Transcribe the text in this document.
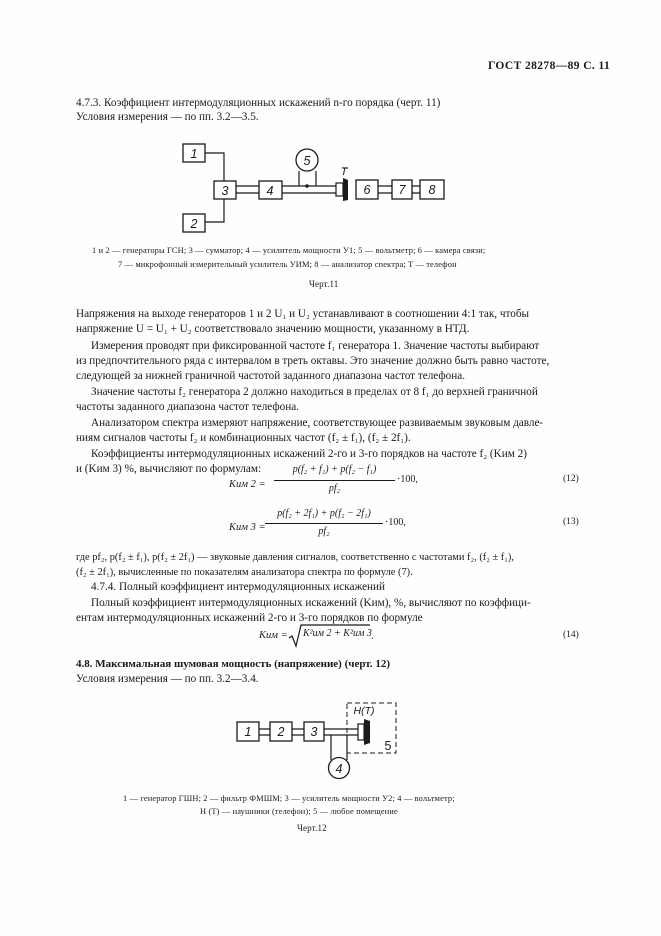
ГОСТ 28278—89 С. 11
4.7.3. Коэффициент интермодуляционных искажений n-го порядка (черт. 11)
Условия измерения — по пп. 3.2—3.5.
1
2
3	4
5
6 7 8
T
1 2 3
4
5
H(T)
1 и 2 — генераторы ГСН; 3 — сумматор; 4 — усилитель мощности У1; 5 — вольтметр; 6 — камера связи;
7 — микрофонный измерительный усилитель УИМ; 8 — анализатор спектра; T — телефон
Черт.11
Напряжения на выходе генераторов 1 и 2 U₁ и U₂ устанавливают в соотношении 4:1 так, чтобы
напряжение U = U₁ + U₂ соответствовало значению мощности, указанному в НТД.
Измерения проводят при фиксированной частоте f₁ генератора 1. Значение частоты выбирают
из предпочтительного ряда с интервалом в треть октавы. Это значение должно быть равно частоте,
следующей за нижней граничной частотой заданного диапазона частот телефона.
Значение частоты f₂ генератора 2 должно находиться в пределах от 8 f₁ до верхней граничной
частоты заданного диапазона частот телефона.
Анализатором спектра измеряют напряжение, соответствующее развиваемым звуковым давле-
ниям сигналов частоты f₂ и комбинационных частот (f₂ ± f₁), (f₂ ± 2f₁).
Коэффициенты интермодуляционных искажений 2-го и 3-го порядков на частоте f₂ (Kим 2)
и (Kим 3) %, вычисляют по формулам:
Kим 2 =
p(f₂ + f₁) + p(f₂ − f₁)
pf₂
·100,	(12)
Kим 3 =
p(f₂ + 2f₁) + p(f₂ − 2f₁)
pf₂
·100,	(13)
где pf₂, p(f₂ ± f₁), p(f₂ ± 2f₁) — звуковые давления сигналов, соответственно с частотами f₂, (f₂ ± f₁),
(f₂ ± 2f₁), вычисленные по показателям анализатора спектра по формуле (7).
4.7.4. Полный коэффициент интермодуляционных искажений
Полный коэффициент интермодуляционных искажений (Kим), %, вычисляют по коэффици-
ентам интермодуляционных искажений 2-го и 3-го порядков по формуле
Kим = K²им 2 + K²им 3 .	(14)
4.8. Максимальная шумовая мощность (напряжение) (черт. 12)
Условия измерения — по пп. 3.2—3.4.
1 — генератор ГШН; 2 — фильтр ФМШМ; 3 — усилитель мощности У2; 4 — вольтметр;
H (T) — наушники (телефон); 5 — любое помещение
Черт.12
